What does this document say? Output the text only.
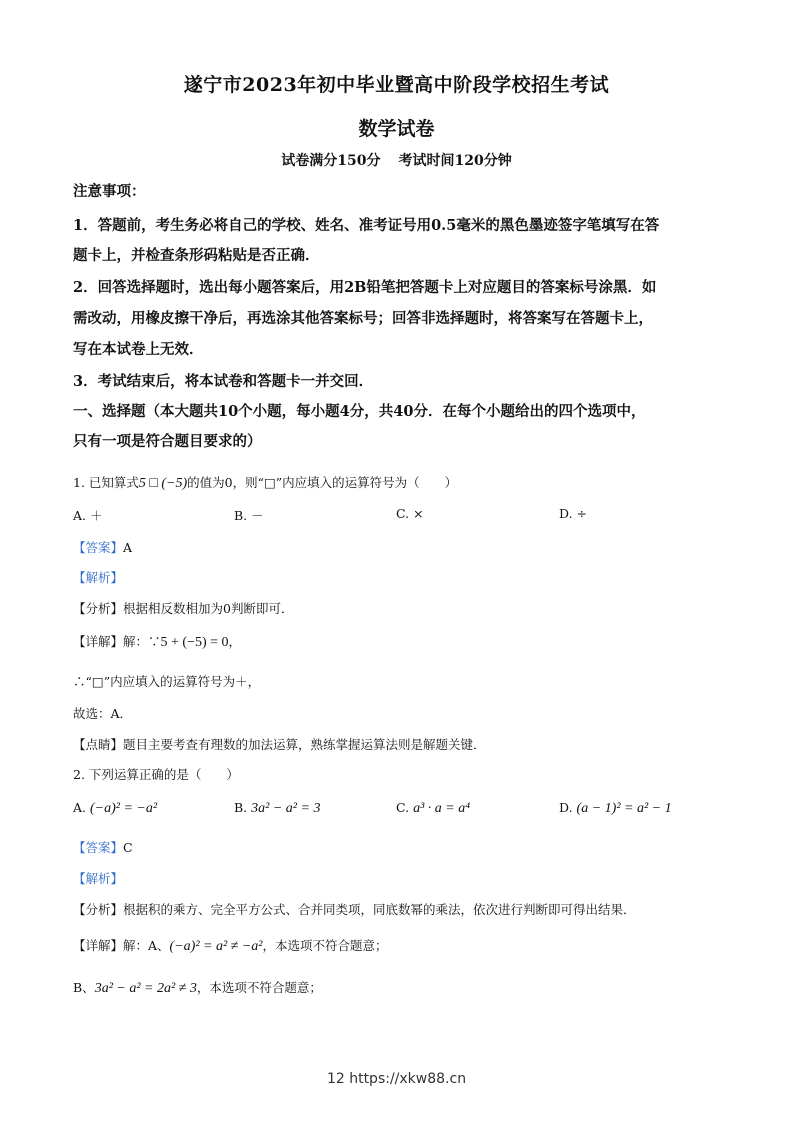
遂宁市2023年初中毕业暨高中阶段学校招生考试
数学试卷
试卷满分150分 考试时间120分钟
注意事项：
1．答题前，考生务必将自己的学校、姓名、准考证号用0.5毫米的黑色墨迹签字笔填写在答
题卡上，并检查条形码粘贴是否正确．
2．回答选择题时，选出每小题答案后，用2B铅笔把答题卡上对应题目的答案标号涂黑．如
需改动，用橡皮擦干净后，再选涂其他答案标号；回答非选择题时，将答案写在答题卡上，
写在本试卷上无效．
3．考试结束后，将本试卷和答题卡一并交回．
一、选择题（本大题共10个小题，每小题4分，共40分．在每个小题给出的四个选项中，
只有一项是符合题目要求的）
1. 已知算式5 □ (−5)的值为0，则“□”内应填入的运算符号为（　　）
A. ＋	B. －	C. ×	D. ÷
【答案】A
【解析】
【分析】根据相反数相加为0判断即可．
【详解】解：∵5 + (−5) = 0，
∴“□”内应填入的运算符号为＋，
故选：A．
【点睛】题目主要考查有理数的加法运算，熟练掌握运算法则是解题关键．
2. 下列运算正确的是（　　）
A. (−a)² = −a²	B. 3a² − a² = 3	C. a³ · a = a⁴	D. (a − 1)² = a² − 1
【答案】C
【解析】
【分析】根据积的乘方、完全平方公式、合并同类项，同底数幂的乘法，依次进行判断即可得出结果．
【详解】解：A、(−a)² = a² ≠ −a²，本选项不符合题意；
B、3a² − a² = 2a² ≠ 3，本选项不符合题意；
12 https://xkw88.cn
